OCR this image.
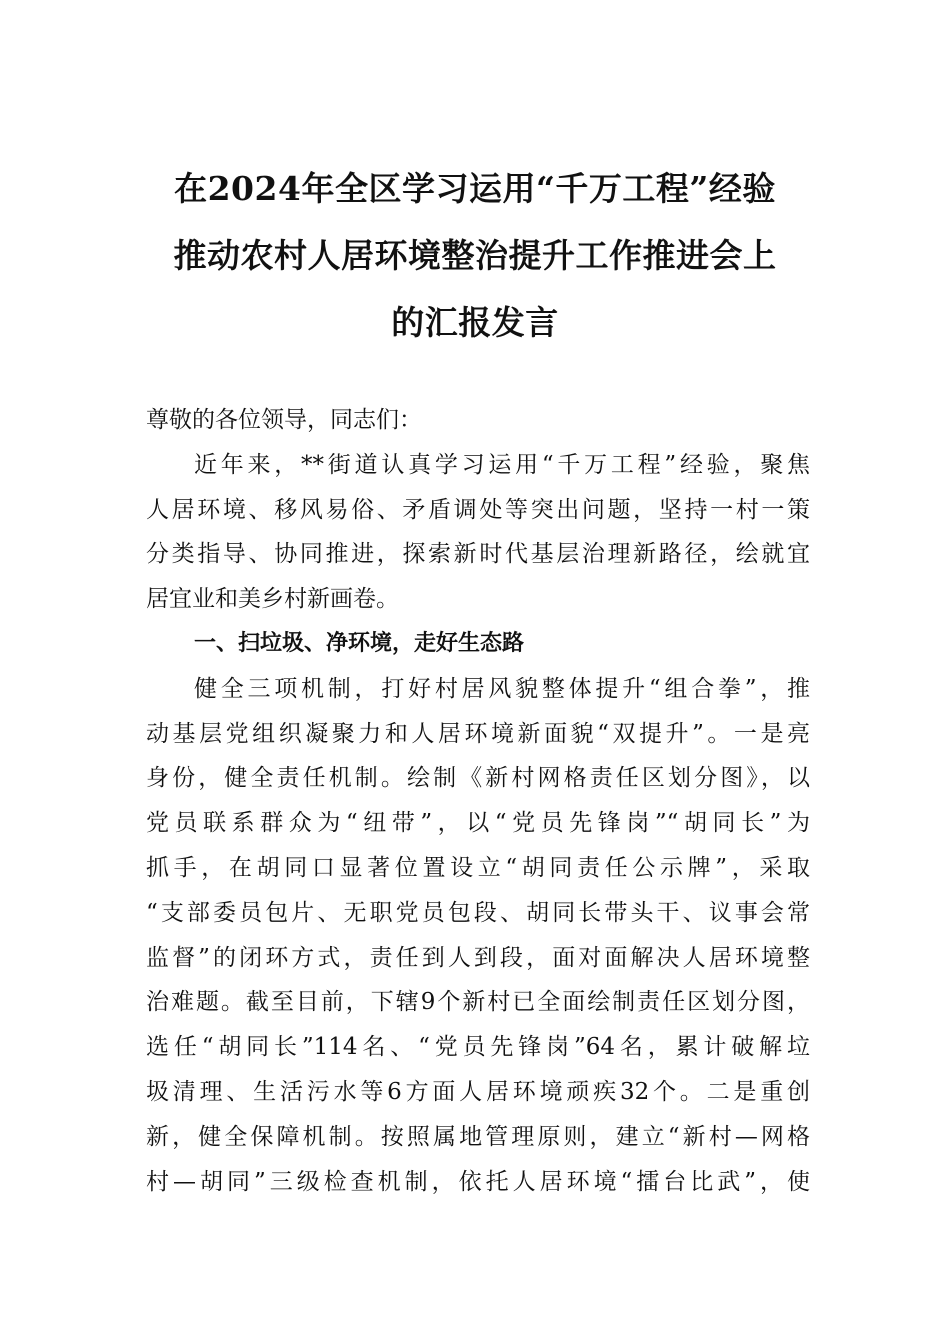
在2024年全区学习运用“千万工程”经验
推动农村人居环境整治提升工作推进会上
的汇报发言
尊敬的各位领导，同志们：
近年来，**街道认真学习运用“千万工程”经验，聚焦
人居环境、移风易俗、矛盾调处等突出问题，坚持一村一策
分类指导、协同推进，探索新时代基层治理新路径，绘就宜
居宜业和美乡村新画卷。
一、扫垃圾、净环境，走好生态路
健全三项机制，打好村居风貌整体提升“组合拳”，推
动基层党组织凝聚力和人居环境新面貌“双提升”。一是亮
身份，健全责任机制。绘制《新村网格责任区划分图》，以
党员联系群众为“纽带”，以“党员先锋岗”“胡同长”为
抓手，在胡同口显著位置设立“胡同责任公示牌”，采取
“支部委员包片、无职党员包段、胡同长带头干、议事会常
监督”的闭环方式，责任到人到段，面对面解决人居环境整
治难题。截至目前，下辖9个新村已全面绘制责任区划分图，
选任“胡同长”114名、“党员先锋岗”64名，累计破解垃
圾清理、生活污水等6方面人居环境顽疾32个。二是重创
新，健全保障机制。按照属地管理原则，建立“新村—网格
村—胡同”三级检查机制，依托人居环境“擂台比武”，使
